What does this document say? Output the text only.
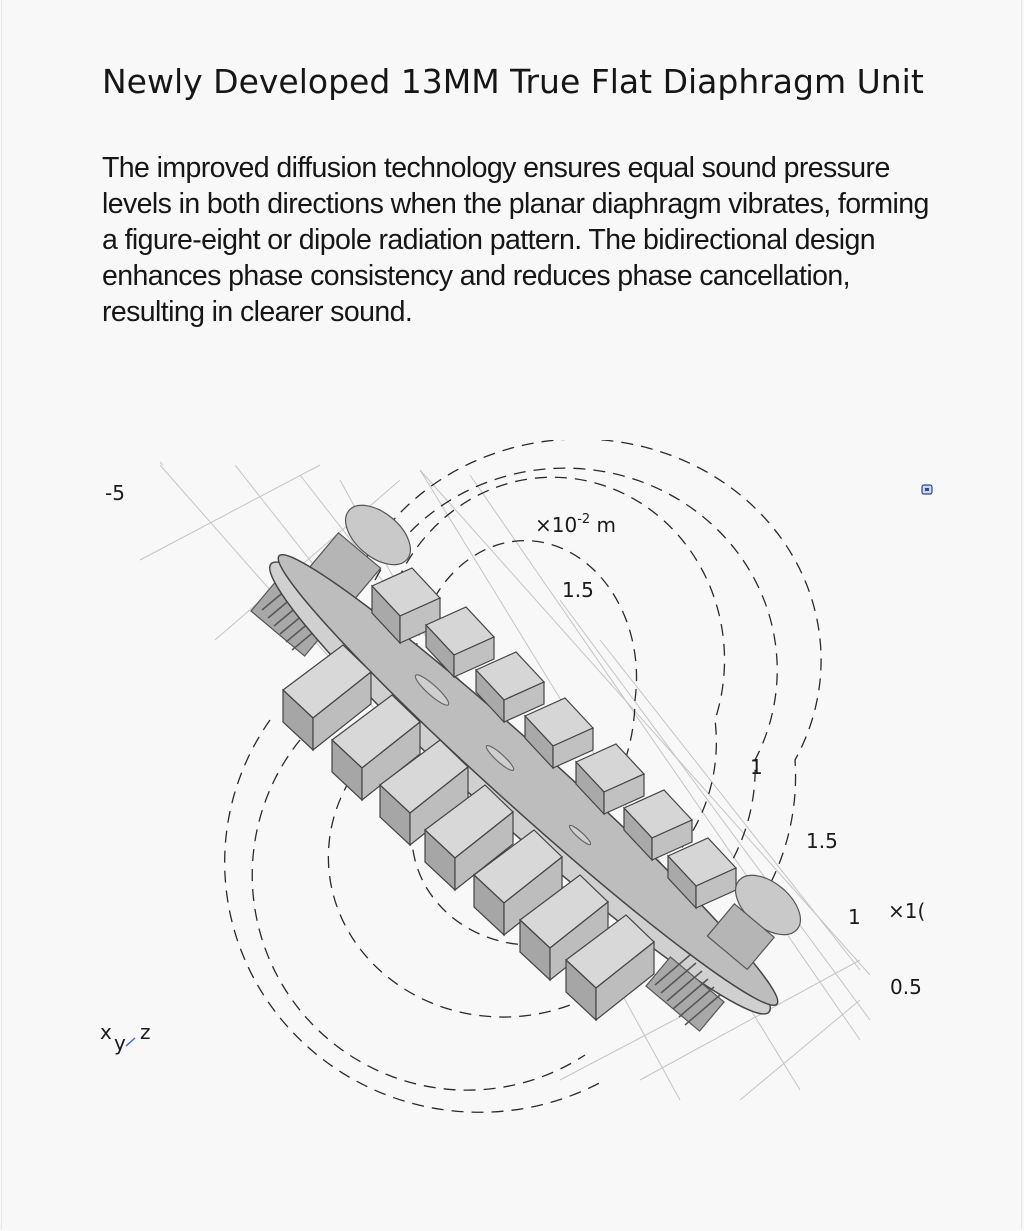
Newly Developed 13MM True Flat Diaphragm Unit

The improved diffusion technology ensures equal sound pressure levels in both directions when the planar diaphragm vibrates, forming a figure-eight or dipole radiation pattern. The bidirectional design enhances phase consistency and reduces phase cancellation, resulting in clearer sound.

-5
$\times 10^{-2}$ m
1.5
1
1.5
1 ×1(
0.5
x y z
